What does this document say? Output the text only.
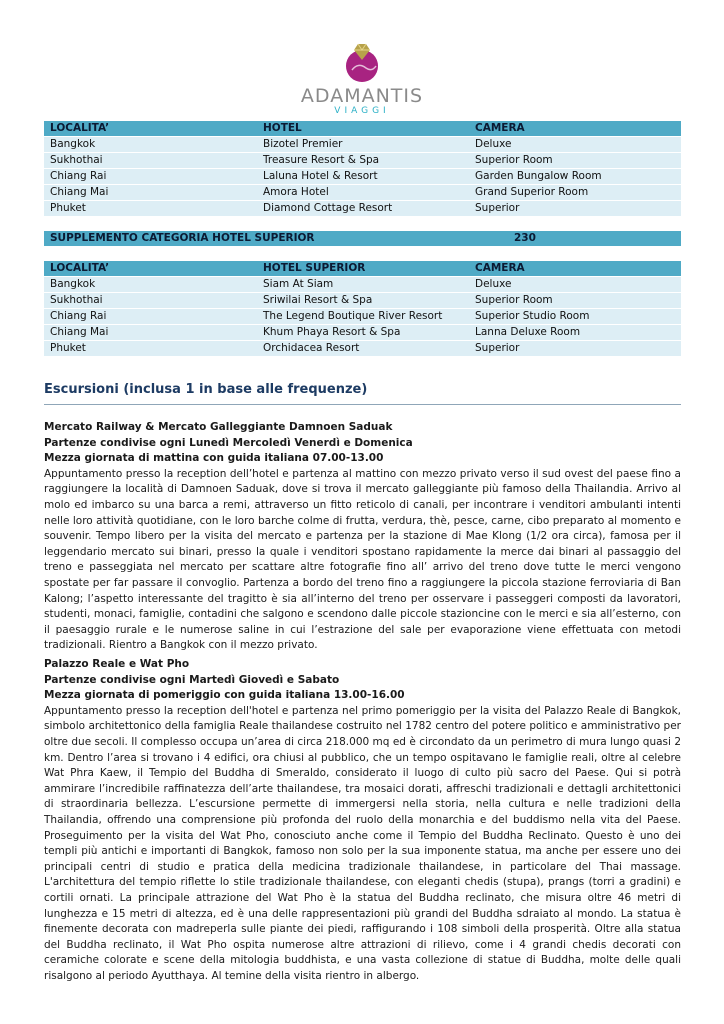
ADAMANTIS
VIAGGI
LOCALITA’	HOTEL	CAMERA
Bangkok	Bizotel Premier	Deluxe
Sukhothai	Treasure Resort & Spa	Superior Room
Chiang Rai	Laluna Hotel & Resort	Garden Bungalow Room
Chiang Mai	Amora Hotel	Grand Superior Room
Phuket	Diamond Cottage Resort	Superior
SUPPLEMENTO CATEGORIA HOTEL SUPERIOR	230
LOCALITA’	HOTEL SUPERIOR	CAMERA
Bangkok	Siam At Siam	Deluxe
Sukhothai	Sriwilai Resort & Spa	Superior Room
Chiang Rai	The Legend Boutique River Resort	Superior Studio Room
Chiang Mai	Khum Phaya Resort & Spa	Lanna Deluxe Room
Phuket	Orchidacea Resort	Superior
Escursioni (inclusa 1 in base alle frequenze)
Mercato Railway & Mercato Galleggiante Damnoen Saduak
Partenze condivise ogni Lunedì Mercoledì Venerdì e Domenica
Mezza giornata di mattina con guida italiana 07.00-13.00

Appuntamento presso la reception dell’hotel e partenza al mattino con mezzo privato verso il sud ovest del paese fino a raggiungere la località di Damnoen Saduak, dove si trova il mercato galleggiante più famoso della Thailandia. Arrivo al molo ed imbarco su una barca a remi, attraverso un fitto reticolo di canali, per incontrare i venditori ambulanti intenti nelle loro attività quotidiane, con le loro barche colme di frutta, verdura, thè, pesce, carne, cibo preparato al momento e souvenir. Tempo libero per la visita del mercato e partenza per la stazione di Mae Klong (1/2 ora circa), famosa per il leggendario mercato sui binari, presso la quale i venditori spostano rapidamente la merce dai binari al passaggio del treno e passeggiata nel mercato per scattare altre fotografie fino all’ arrivo del treno dove tutte le merci vengono spostate per far passare il convoglio. Partenza a bordo del treno fino a raggiungere la piccola stazione ferroviaria di Ban Kalong; l’aspetto interessante del tragitto è sia all’interno del treno per osservare i passeggeri composti da lavoratori, studenti, monaci, famiglie, contadini che salgono e scendono dalle piccole stazioncine con le merci e sia all’esterno, con il paesaggio rurale e le numerose saline in cui l’estrazione del sale per evaporazione viene effettuata con metodi tradizionali. Rientro a Bangkok con il mezzo privato.

Palazzo Reale e Wat Pho
Partenze condivise ogni Martedì Giovedì e Sabato
Mezza giornata di pomeriggio con guida italiana 13.00-16.00

Appuntamento presso la reception dell'hotel e partenza nel primo pomeriggio per la visita del Palazzo Reale di Bangkok, simbolo architettonico della famiglia Reale thailandese costruito nel 1782 centro del potere politico e amministrativo per oltre due secoli. Il complesso occupa un’area di circa 218.000 mq ed è circondato da un perimetro di mura lungo quasi 2 km. Dentro l’area si trovano i 4 edifici, ora chiusi al pubblico, che un tempo ospitavano le famiglie reali, oltre al celebre Wat Phra Kaew, il Tempio del Buddha di Smeraldo, considerato il luogo di culto più sacro del Paese. Qui si potrà ammirare l’incredibile raffinatezza dell’arte thailandese, tra mosaici dorati, affreschi tradizionali e dettagli architettonici di straordinaria bellezza. L’escursione permette di immergersi nella storia, nella cultura e nelle tradizioni della Thailandia, offrendo una comprensione più profonda del ruolo della monarchia e del buddismo nella vita del Paese. Proseguimento per la visita del Wat Pho, conosciuto anche come il Tempio del Buddha Reclinato. Questo è uno dei templi più antichi e importanti di Bangkok, famoso non solo per la sua imponente statua, ma anche per essere uno dei principali centri di studio e pratica della medicina tradizionale thailandese, in particolare del Thai massage. L'architettura del tempio riflette lo stile tradizionale thailandese, con eleganti chedis (stupa), prangs (torri a gradini) e cortili ornati. La principale attrazione del Wat Pho è la statua del Buddha reclinato, che misura oltre 46 metri di lunghezza e 15 metri di altezza, ed è una delle rappresentazioni più grandi del Buddha sdraiato al mondo. La statua è finemente decorata con madreperla sulle piante dei piedi, raffigurando i 108 simboli della prosperità. Oltre alla statua del Buddha reclinato, il Wat Pho ospita numerose altre attrazioni di rilievo, come i 4 grandi chedis decorati con ceramiche colorate e scene della mitologia buddhista, e una vasta collezione di statue di Buddha, molte delle quali risalgono al periodo Ayutthaya. Al temine della visita rientro in albergo.
